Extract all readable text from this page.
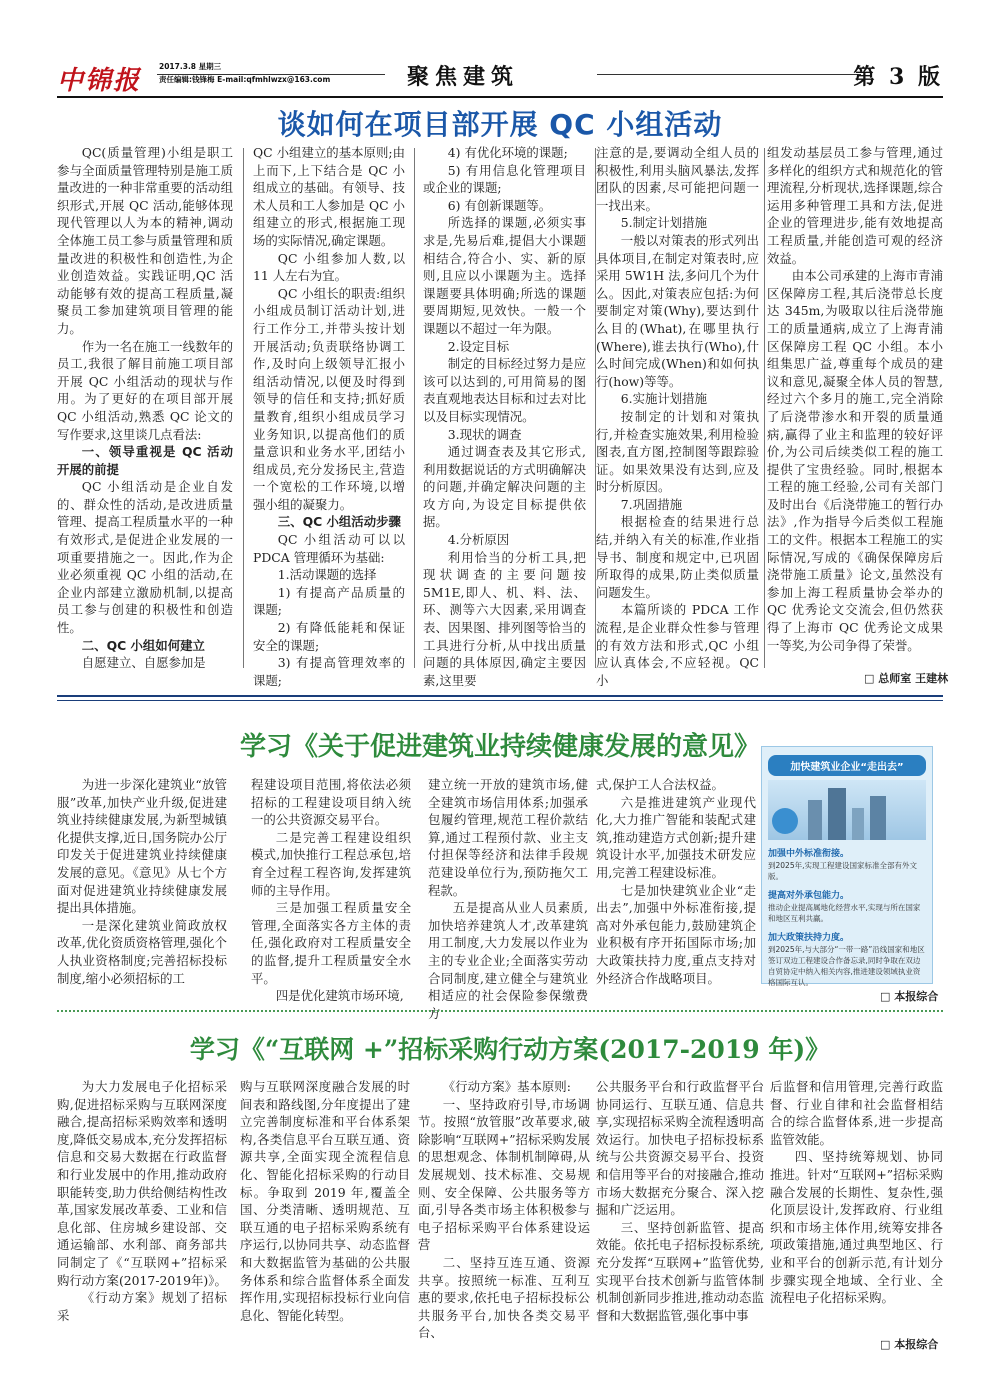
中锦报 2017.3.8 星期三
责任编辑:钱锋梅 E-mail:qfmhlwzx@163.com	聚焦建筑	第 3 版
谈如何在项目部开展 QC 小组活动

QC(质量管理)小组是职工参与全面质量管理特别是施工质量改进的一种非常重要的活动组织形式,开展 QC 活动,能够体现现代管理以人为本的精神,调动全体施工员工参与质量管理和质量改进的积极性和创造性,为企业创造效益。实践证明,QC 活动能够有效的提高工程质量,凝聚员工参加建筑项目管理的能力。

作为一名在施工一线数年的员工,我很了解目前施工项目部开展 QC 小组活动的现状与作用。为了更好的在项目部开展 QC 小组活动,熟悉 QC 论文的写作要求,这里谈几点看法:

一、领导重视是 QC 活动开展的前提

QC 小组活动是企业自发的、群众性的活动,是改进质量管理、提高工程质量水平的一种有效形式,是促进企业发展的一项重要措施之一。因此,作为企业必须重视 QC 小组的活动,在企业内部建立激励机制,以提高员工参与创建的积极性和创造性。

二、QC 小组如何建立

自愿建立、自愿参加是

QC 小组建立的基本原则;由上而下,上下结合是 QC 小组成立的基础。有领导、技术人员和工人参加是 QC 小组建立的形式,根据施工现场的实际情况,确定课题。

QC 小组参加人数,以 11 人左右为宜。

QC 小组长的职责:组织小组成员制订活动计划,进行工作分工,并带头按计划开展活动;负责联络协调工作,及时向上级领导汇报小组活动情况,以便及时得到领导的信任和支持;抓好质量教育,组织小组成员学习业务知识,以提高他们的质量意识和业务水平,团结小组成员,充分发扬民主,营造一个宽松的工作环境,以增强小组的凝聚力。

三、QC 小组活动步骤

QC 小组活动可以以 PDCA 管理循环为基础:

1.活动课题的选择

1) 有提高产品质量的课题;

2) 有降低能耗和保证安全的课题;

3) 有提高管理效率的课题;

4) 有优化环境的课题;

5) 有用信息化管理项目或企业的课题;

6) 有创新课题等。

所选择的课题,必须实事求是,先易后难,提倡大小课题相结合,符合小、实、新的原则,且应以小课题为主。选择课题要具体明确;所选的课题要周期短,见效快。一般一个课题以不超过一年为限。

2.设定目标

制定的目标经过努力是应该可以达到的,可用简易的图表直观地表达目标和过去对比以及目标实现情况。

3.现状的调查

通过调查表及其它形式,利用数据说话的方式明确解决的问题,并确定解决问题的主攻方向,为设定目标提供依据。

4.分析原因

利用恰当的分析工具,把现状调查的主要问题按 5M1E,即人、机、料、法、环、测等六大因素,采用调查表、因果图、排列图等恰当的工具进行分析,从中找出质量问题的具体原因,确定主要因素,这里要

注意的是,要调动全组人员的积极性,利用头脑风暴法,发挥团队的因素,尽可能把问题一一找出来。

5.制定计划措施

一般以对策表的形式列出具体项目,在制定对策表时,应采用 5W1H 法,多问几个为什么。因此,对策表应包括:为何要制定对策(Why),要达到什么目的(What),在哪里执行(Where),谁去执行(Who),什么时间完成(When)和如何执行(how)等等。

6.实施计划措施

按制定的计划和对策执行,并检查实施效果,利用检验图表,直方图,控制图等跟踪验证。如果效果没有达到,应及时分析原因。

7.巩固措施

根据检查的结果进行总结,并纳入有关的标准,作业指导书、制度和规定中,已巩固所取得的成果,防止类似质量问题发生。

本篇所谈的 PDCA 工作流程,是企业群众性参与管理的有效方法和形式,QC 小组应认真体会,不应轻视。QC 小

组发动基层员工参与管理,通过多样化的组织方式和规范化的管理流程,分析现状,选择课题,综合运用多种管理工具和方法,促进企业的管理进步,能有效地提高工程质量,并能创造可观的经济效益。

由本公司承建的上海市青浦区保障房工程,其后浇带总长度达 345m,为吸取以往后浇带施工的质量通病,成立了上海青浦区保障房工程 QC 小组。本小组集思广益,尊重每个成员的建议和意见,凝聚全体人员的智慧,经过六个多月的施工,完全消除了后浇带渗水和开裂的质量通病,赢得了业主和监理的较好评价,为公司后续类似工程的施工提供了宝贵经验。同时,根据本工程的施工经验,公司有关部门及时出台《后浇带施工的暂行办法》,作为指导今后类似工程施工的文件。根据本工程施工的实际情况,写成的《确保保障房后浇带施工质量》论文,虽然没有参加上海工程质量协会举办的 QC 优秀论文交流会,但仍然获得了上海市 QC 优秀论文成果一等奖,为公司争得了荣誉。

□ 总师室 王建林
学习《关于促进建筑业持续健康发展的意见》

为进一步深化建筑业“放管服”改革,加快产业升级,促进建筑业持续健康发展,为新型城镇化提供支撑,近日,国务院办公厅印发关于促进建筑业持续健康发展的意见。《意见》从七个方面对促进建筑业持续健康发展提出具体措施。

一是深化建筑业简政放权改革,优化资质资格管理,强化个人执业资格制度;完善招标投标制度,缩小必须招标的工

程建设项目范围,将依法必须招标的工程建设项目纳入统一的公共资源交易平台。

二是完善工程建设组织模式,加快推行工程总承包,培育全过程工程咨询,发挥建筑师的主导作用。

三是加强工程质量安全管理,全面落实各方主体的责任,强化政府对工程质量安全的监督,提升工程质量安全水平。

四是优化建筑市场环境,

建立统一开放的建筑市场,健全建筑市场信用体系;加强承包履约管理,规范工程价款结算,通过工程预付款、业主支付担保等经济和法律手段规范建设单位行为,预防拖欠工程款。

五是提高从业人员素质,加快培养建筑人才,改革建筑用工制度,大力发展以作业为主的专业企业;全面落实劳动合同制度,建立健全与建筑业相适应的社会保险参保缴费方

式,保护工人合法权益。

六是推进建筑产业现代化,大力推广智能和装配式建筑,推动建造方式创新;提升建筑设计水平,加强技术研发应用,完善工程建设标准。

七是加快建筑业企业“走出去”,加强中外标准衔接,提高对外承包能力,鼓励建筑企业积极有序开拓国际市场;加大政策扶持力度,重点支持对外经济合作战略项目。

加快建筑业企业“走出去”
加强中外标准衔接。
到2025年,实现工程建设国家标准全部有外文版。
提高对外承包能力。
推动企业提高属地化经营水平,实现与所在国家和地区互利共赢。
加大政策扶持力度。
到2025年,与大部分“一带一路”沿线国家和地区签订双边工程建设合作备忘录,同时争取在双边自贸协定中纳入相关内容,推进建设领域执业资格国际互认。
□ 本报综合
学习《“互联网 +”招标采购行动方案(2017-2019 年)》

为大力发展电子化招标采购,促进招标采购与互联网深度融合,提高招标采购效率和透明度,降低交易成本,充分发挥招标信息和交易大数据在行政监督和行业发展中的作用,推动政府职能转变,助力供给侧结构性改革,国家发展改革委、工业和信息化部、住房城乡建设部、交通运输部、水利部、商务部共同制定了《“互联网+”招标采购行动方案(2017-2019年)》。

《行动方案》规划了招标采

购与互联网深度融合发展的时间表和路线图,分年度提出了建立完善制度标准和平台体系架构,各类信息平台互联互通、资源共享,全面实现全流程信息化、智能化招标采购的行动目标。争取到 2019 年,覆盖全国、分类清晰、透明规范、互联互通的电子招标采购系统有序运行,以协同共享、动态监督和大数据监管为基础的公共服务体系和综合监督体系全面发挥作用,实现招标投标行业向信息化、智能化转型。

《行动方案》基本原则:

一、坚持政府引导,市场调节。按照“放管服”改革要求,破除影响“互联网+”招标采购发展的思想观念、体制机制障碍,从发展规划、技术标准、交易规则、安全保障、公共服务等方面,引导各类市场主体积极参与电子招标采购平台体系建设运营

二、坚持互连互通、资源共享。按照统一标准、互利互惠的要求,依托电子招标投标公共服务平台,加快各类交易平台、

公共服务平台和行政监督平台协同运行、互联互通、信息共享,实现招标采购全流程透明高效运行。加快电子招标投标系统与公共资源交易平台、投资和信用等平台的对接融合,推动市场大数据充分聚合、深入挖掘和广泛运用。

三、坚持创新监管、提高效能。依托电子招标投标系统,充分发挥“互联网+”监管优势,实现平台技术创新与监管体制机制创新同步推进,推动动态监督和大数据监管,强化事中事

后监督和信用管理,完善行政监督、行业自律和社会监督相结合的综合监督体系,进一步提高监管效能。

四、坚持统筹规划、协同推进。针对“互联网+”招标采购融合发展的长期性、复杂性,强化顶层设计,发挥政府、行业组织和市场主体作用,统筹安排各项政策措施,通过典型地区、行业和平台的创新示范,有计划分步骤实现全地域、全行业、全流程电子化招标采购。

□ 本报综合
